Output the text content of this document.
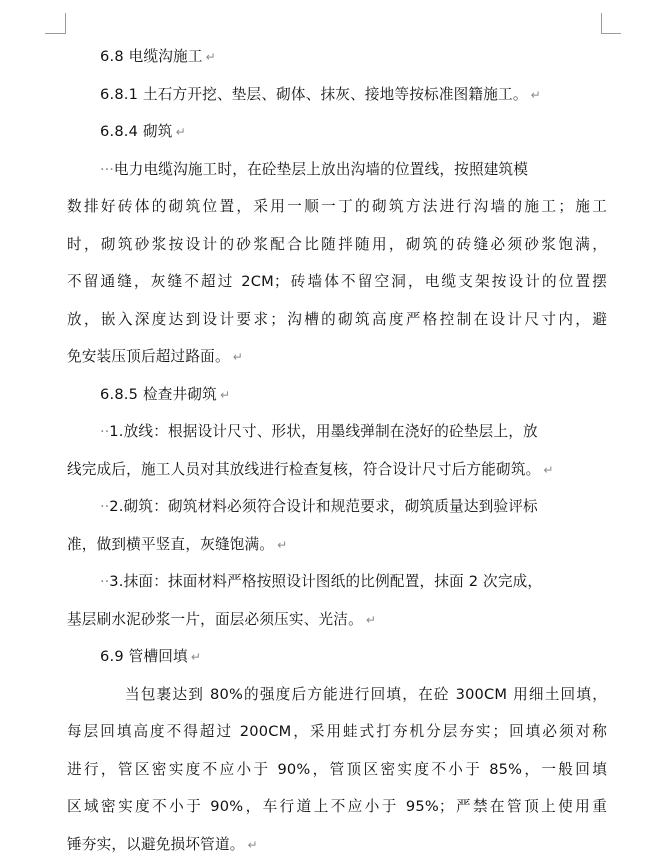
6.8 电缆沟施工 ↵
6.8.1 土石方开挖、垫层、砌体、抹灰、接地等按标准图籍施工。 ↵
6.8.4 砌筑 ↵
···电力电缆沟施工时，在砼垫层上放出沟墙的位置线，按照建筑模
数排好砖体的砌筑位置，采用一顺一丁的砌筑方法进行沟墙的施工；施工
时，砌筑砂浆按设计的砂浆配合比随拌随用，砌筑的砖缝必须砂浆饱满，
不留通缝，灰缝不超过 2CM；砖墙体不留空洞，电缆支架按设计的位置摆
放，嵌入深度达到设计要求；沟槽的砌筑高度严格控制在设计尺寸内，避
免安装压顶后超过路面。 ↵
6.8.5 检查井砌筑 ↵
··1.放线：根据设计尺寸、形状，用墨线弹制在浇好的砼垫层上，放
线完成后，施工人员对其放线进行检查复核，符合设计尺寸后方能砌筑。 ↵
··2.砌筑：砌筑材料必须符合设计和规范要求，砌筑质量达到验评标
准，做到横平竖直，灰缝饱满。 ↵
··3.抹面：抹面材料严格按照设计图纸的比例配置，抹面 2 次完成，
基层刷水泥砂浆一片，面层必须压实、光洁。 ↵
6.9 管槽回填 ↵
当包裹达到 80%的强度后方能进行回填，在砼 300CM 用细土回填，
每层回填高度不得超过 200CM，采用蛙式打夯机分层夯实；回填必须对称
进行，管区密实度不应小于 90%，管顶区密实度不小于 85%，一般回填
区域密实度不小于 90%，车行道上不应小于 95%；严禁在管顶上使用重
锤夯实，以避免损坏管道。 ↵
